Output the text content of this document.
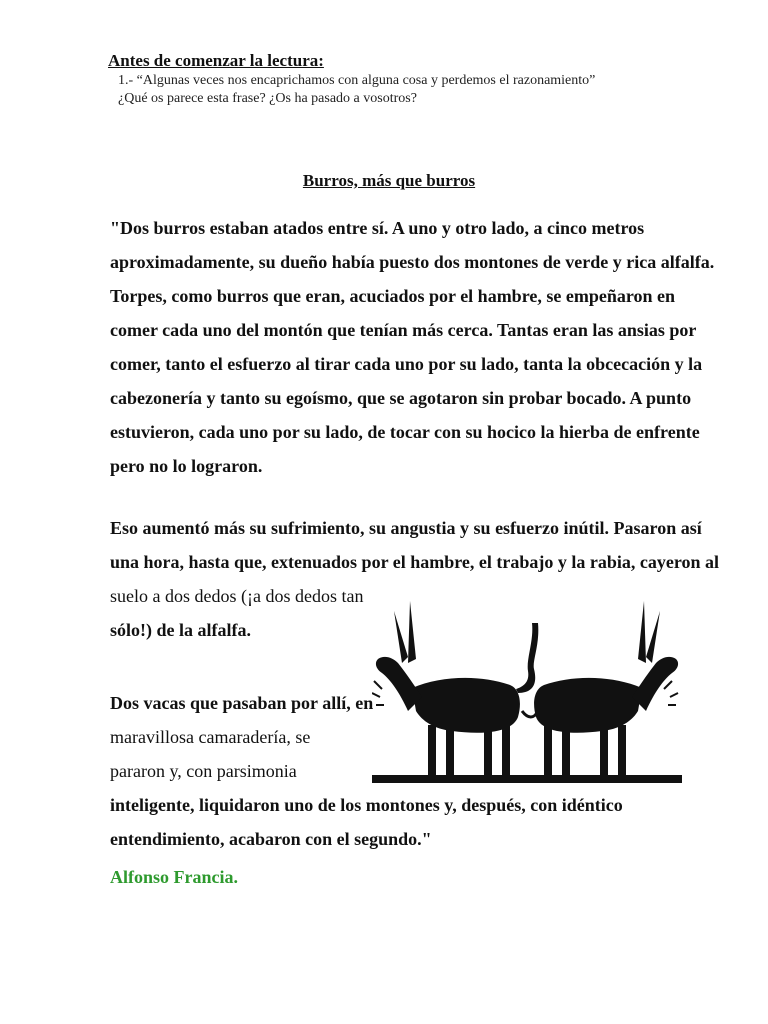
Antes de comenzar la lectura:

1.- “Algunas veces nos encaprichamos con alguna cosa y perdemos el razonamiento”

¿Qué os parece esta frase? ¿Os ha pasado a vosotros?

Burros, más que burros
"Dos burros estaban atados entre sí. A uno y otro lado, a cinco metros
aproximadamente, su dueño había puesto dos montones de verde y rica alfalfa.
Torpes, como burros que eran, acuciados por el hambre, se empeñaron en
comer cada uno del montón que tenían más cerca. Tantas eran las ansias por
comer, tanto el esfuerzo al tirar cada uno por su lado, tanta la obcecación y la
cabezonería y tanto su egoísmo, que se agotaron sin probar bocado. A punto
estuvieron, cada uno por su lado, de tocar con su hocico la hierba de enfrente
pero no lo lograron.
Eso aumentó más su sufrimiento, su angustia y su esfuerzo inútil. Pasaron así
una hora, hasta que, extenuados por el hambre, el trabajo y la rabia, cayeron al
suelo a dos dedos (¡a dos dedos tan
sólo!) de la alfalfa.
Dos vacas que pasaban por allí, en
maravillosa camaradería, se
pararon y, con parsimonia
inteligente, liquidaron uno de los montones y, después, con idéntico
entendimiento, acabaron con el segundo."

Alfonso Francia.
